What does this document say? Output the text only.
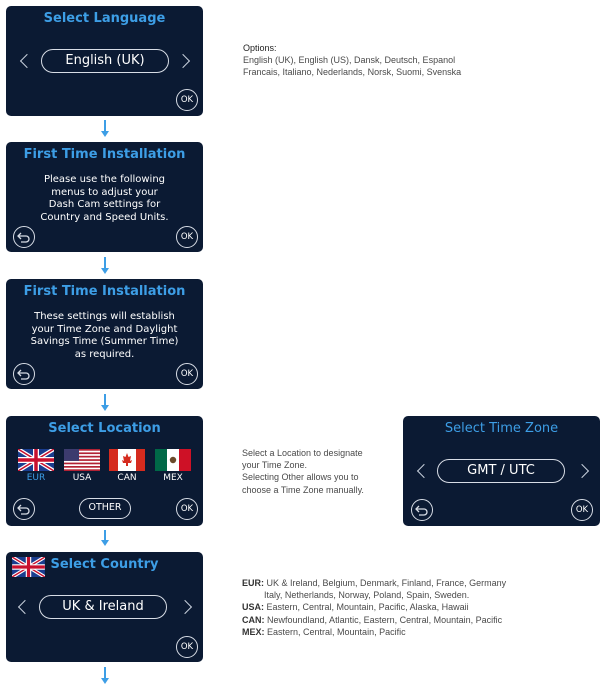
Select Language
English (UK)
OK
First Time Installation
Please use the following
menus to adjust your
Dash Cam settings for
Country and Speed Units.
OK
First Time Installation
These settings will establish
your Time Zone and Daylight
Savings Time (Summer Time)
as required.
OK
Select Location
EUR	USA	CAN	MEX
OTHER	OK
Select Country
UK & Ireland
OK
Select Time Zone
GMT / UTC
OK
Options:
English (UK), English (US), Dansk, Deutsch, Espanol
Francais, Italiano, Nederlands, Norsk, Suomi, Svenska
Select a Location to designate
your Time Zone.
Selecting Other allows you to
choose a Time Zone manually.
EUR: UK & Ireland, Belgium, Denmark, Finland, France, Germany
Italy, Netherlands, Norway, Poland, Spain, Sweden.
USA: Eastern, Central, Mountain, Pacific, Alaska, Hawaii
CAN: Newfoundland, Atlantic, Eastern, Central, Mountain, Pacific
MEX: Eastern, Central, Mountain, Pacific
